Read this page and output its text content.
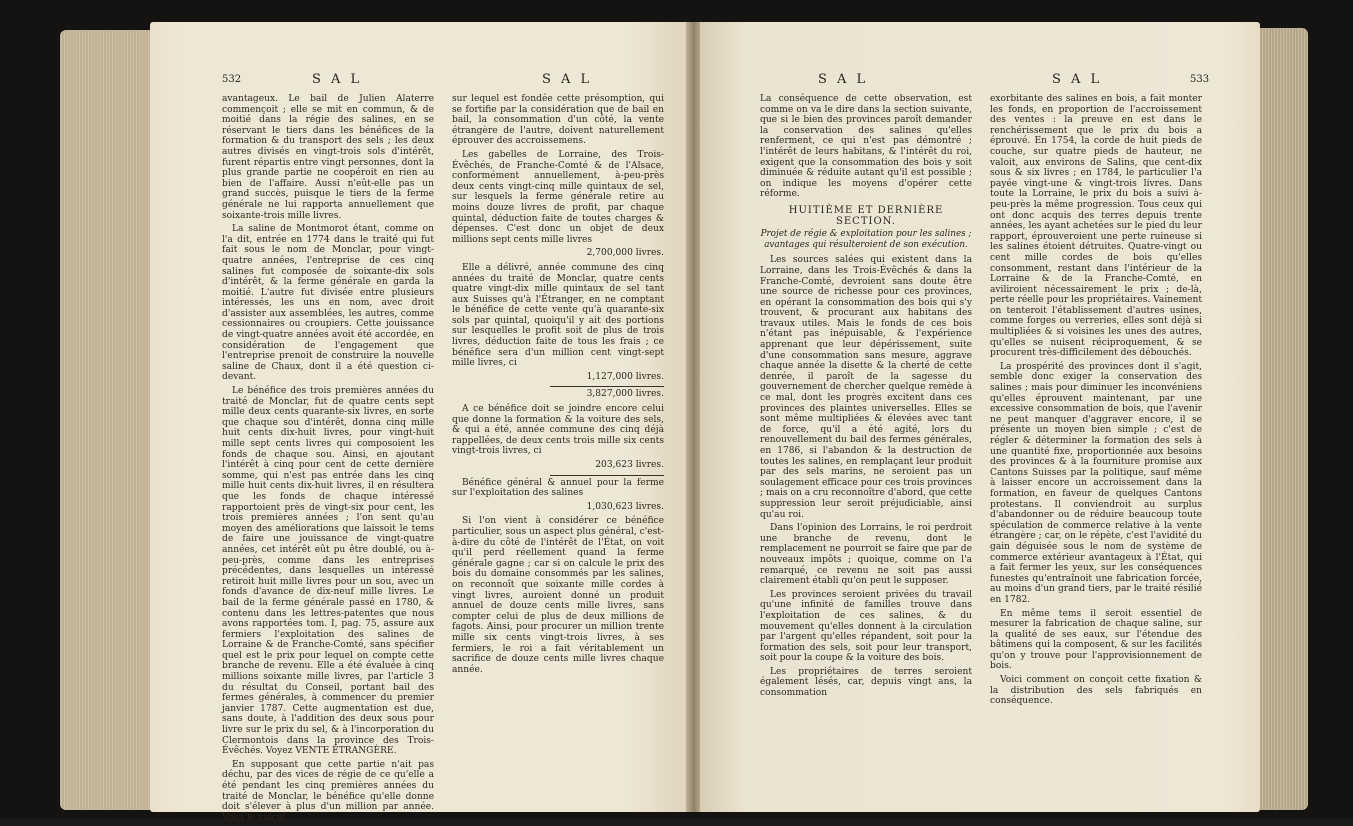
532	S A L	S A L

avantageux. Le bail de Julien Alaterre commençoit ; elle se mit en commun, & de moitié dans la régie des salines, en se réservant le tiers dans les bénéfices de la formation & du transport des sels ; les deux autres divisés en vingt-trois sols d'intérêt, furent répartis entre vingt personnes, dont la plus grande partie ne coopéroit en rien au bien de l'affaire. Aussi n'eût-elle pas un grand succès, puisque le tiers de la ferme générale ne lui rapporta annuellement que soixante-trois mille livres.

La saline de Montmorot étant, comme on l'a dit, entrée en 1774 dans le traité qui fut fait sous le nom de Monclar, pour vingt-quatre années, l'entreprise de ces cinq salines fut composée de soixante-dix sols d'intérêt, & la ferme générale en garda la moitié. L'autre fut divisée entre plusieurs intéressés, les uns en nom, avec droit d'assister aux assemblées, les autres, comme cessionnaires ou croupiers. Cette jouissance de vingt-quatre années avoit été accordée, en considération de l'engagement que l'entreprise prenoit de construire la nouvelle saline de Chaux, dont il a été question ci-devant.

Le bénéfice des trois premières années du traité de Monclar, fut de quatre cents sept mille deux cents quarante-six livres, en sorte que chaque sou d'intérêt, donna cinq mille huit cents dix-huit livres, pour vingt-huit mille sept cents livres qui composoient les fonds de chaque sou. Ainsi, en ajoutant l'intérêt à cinq pour cent de cette dernière somme, qui n'est pas entrée dans les cinq mille huit cents dix-huit livres, il en résultera que les fonds de chaque intéressé rapportoient près de vingt-six pour cent, les trois premières années ; l'on sent qu'au moyen des améliorations que laissoit le tems de faire une jouissance de vingt-quatre années, cet intérêt eût pu être doublé, ou à-peu-près, comme dans les entreprises précédentes, dans lesquelles un intéressé retiroit huit mille livres pour un sou, avec un fonds d'avance de dix-neuf mille livres. Le bail de la ferme générale passé en 1780, & contenu dans les lettres-patentes que nous avons rapportées tom. I, pag. 75, assure aux fermiers l'exploitation des salines de Lorraine & de Franche-Comté, sans spécifier quel est le prix pour lequel on compte cette branche de revenu. Elle a été évaluée à cinq millions soixante mille livres, par l'article 3 du résultat du Conseil, portant bail des fermes générales, à commencer du premier janvier 1787. Cette augmentation est due, sans doute, à l'addition des deux sous pour livre sur le prix du sel, & à l'incorporation du Clermontois dans la province des Trois-Évêchés. Voyez VENTE ÉTRANGÈRE.

En supposant que cette partie n'ait pas déchu, par des vices de régie de ce qu'elle a été pendant les cinq premières années du traité de Monclar, le bénéfice qu'elle donne doit s'élever à plus d'un million par année. Voici le calcul

sur lequel est fondée cette présomption, qui se fortifie par la considération que de bail en bail, la consommation d'un côté, la vente étrangère de l'autre, doivent naturellement éprouver des accroissemens.

Les gabelles de Lorraine, des Trois-Évêchés, de Franche-Comté & de l'Alsace, conformément annuellement, à-peu-près deux cents vingt-cinq mille quintaux de sel, sur lesquels la ferme générale retire au moins douze livres de profit, par chaque quintal, déduction faite de toutes charges & dépenses. C'est donc un objet de deux millions sept cents mille livres

2,700,000 livres.

Elle a délivré, année commune des cinq années du traité de Monclar, quatre cents quatre vingt-dix mille quintaux de sel tant aux Suisses qu'à l'Étranger, en ne comptant le bénéfice de cette vente qu'à quarante-six sols par quintal, quoiqu'il y ait des portions sur lesquelles le profit soit de plus de trois livres, déduction faite de tous les frais ; ce bénéfice sera d'un million cent vingt-sept mille livres, ci

1,127,000 livres.
3,827,000 livres.

A ce bénéfice doit se joindre encore celui que donne la formation & la voiture des sels, & qui a été, année commune des cinq déjà rappellées, de deux cents trois mille six cents vingt-trois livres, ci

203,623 livres.

Bénéfice général & annuel pour la ferme sur l'exploitation des salines

1,030,623 livres.

Si l'on vient à considérer ce bénéfice particulier, sous un aspect plus général, c'est-à-dire du côté de l'intérêt de l'État, on voit qu'il perd réellement quand la ferme générale gagne ; car si on calcule le prix des bois du domaine consommés par les salines, on reconnoît que soixante mille cordes à vingt livres, auroient donné un produit annuel de douze cents mille livres, sans compter celui de plus de deux millions de fagots. Ainsi, pour procurer un million trente mille six cents vingt-trois livres, à ses fermiers, le roi a fait véritablement un sacrifice de douze cents mille livres chaque année.

S A L	S A L	533

La conséquence de cette observation, est comme on va le dire dans la section suivante, que si le bien des provinces paroît demander la conservation des salines qu'elles renferment, ce qui n'est pas démontré ; l'intérêt de leurs habitans, & l'intérêt du roi, exigent que la consommation des bois y soit diminuée & réduite autant qu'il est possible ; on indique les moyens d'opérer cette réforme.

HUITIÈME ET DERNIÈRE SECTION.
Projet de régie & exploitation pour les salines ; avantages qui résulteroient de son exécution.

Les sources salées qui existent dans la Lorraine, dans les Trois-Évêchés & dans la Franche-Comté, devroient sans doute être une source de richesse pour ces provinces, en opérant la consommation des bois qui s'y trouvent, & procurant aux habitans des travaux utiles. Mais le fonds de ces bois n'étant pas inépuisable, & l'expérience apprenant que leur dépérissement, suite d'une consommation sans mesure, aggrave chaque année la disette & la cherté de cette denrée, il paroît de la sagesse du gouvernement de chercher quelque remède à ce mal, dont les progrès excitent dans ces provinces des plaintes universelles. Elles se sont même multipliées & élevées avec tant de force, qu'il a été agité, lors du renouvellement du bail des fermes générales, en 1786, si l'abandon & la destruction de toutes les salines, en remplaçant leur produit par des sels marins, ne seroient pas un soulagement efficace pour ces trois provinces ; mais on a cru reconnoître d'abord, que cette suppression leur seroit préjudiciable, ainsi qu'au roi.

Dans l'opinion des Lorrains, le roi perdroit une branche de revenu, dont le remplacement ne pourroit se faire que par de nouveaux impôts ; quoique, comme on l'a remarqué, ce revenu ne soit pas aussi clairement établi qu'on peut le supposer.

Les provinces seroient privées du travail qu'une infinité de familles trouve dans l'exploitation de ces salines, & du mouvement qu'elles donnent à la circulation par l'argent qu'elles répandent, soit pour la formation des sels, soit pour leur transport, soit pour la coupe & la voiture des bois.

Les propriétaires de terres seroient également lésés, car, depuis vingt ans, la consommation

exorbitante des salines en bois, a fait monter les fonds, en proportion de l'accroissement des ventes : la preuve en est dans le renchérissement que le prix du bois a éprouvé. En 1754, la corde de huit pieds de couche, sur quatre pieds de hauteur, ne valoit, aux environs de Salins, que cent-dix sous & six livres ; en 1784, le particulier l'a payée vingt-une & vingt-trois livres. Dans toute la Lorraine, le prix du bois a suivi à-peu-près la même progression. Tous ceux qui ont donc acquis des terres depuis trente années, les ayant achetées sur le pied du leur rapport, éprouveroient une perte ruineuse si les salines étoient détruites. Quatre-vingt ou cent mille cordes de bois qu'elles consomment, restant dans l'intérieur de la Lorraine & de la Franche-Comté, en aviliroient nécessairement le prix ; de-là, perte réelle pour les propriétaires. Vainement on tenteroit l'établissement d'autres usines, comme forges ou verreries, elles sont déjà si multipliées & si voisines les unes des autres, qu'elles se nuisent réciproquement, & se procurent très-difficilement des débouchés.

La prospérité des provinces dont il s'agit, semble donc exiger la conservation des salines ; mais pour diminuer les inconvéniens qu'elles éprouvent maintenant, par une excessive consommation de bois, que l'avenir ne peut manquer d'aggraver encore, il se présente un moyen bien simple ; c'est de régler & déterminer la formation des sels à une quantité fixe, proportionnée aux besoins des provinces & à la fourniture promise aux Cantons Suisses par la politique, sauf même à laisser encore un accroissement dans la formation, en faveur de quelques Cantons protestans. Il conviendroit au surplus d'abandonner ou de réduire beaucoup toute spéculation de commerce relative à la vente étrangère ; car, on le répète, c'est l'avidité du gain déguisée sous le nom de système de commerce extérieur avantageux à l'État, qui a fait fermer les yeux, sur les conséquences funestes qu'entraînoit une fabrication forcée, au moins d'un grand tiers, par le traité résilié en 1782.

En même tems il seroit essentiel de mesurer la fabrication de chaque saline, sur la qualité de ses eaux, sur l'étendue des bâtimens qui la composent, & sur les facilités qu'on y trouve pour l'approvisionnement de bois.

Voici comment on conçoit cette fixation & la distribution des sels fabriqués en conséquence.
